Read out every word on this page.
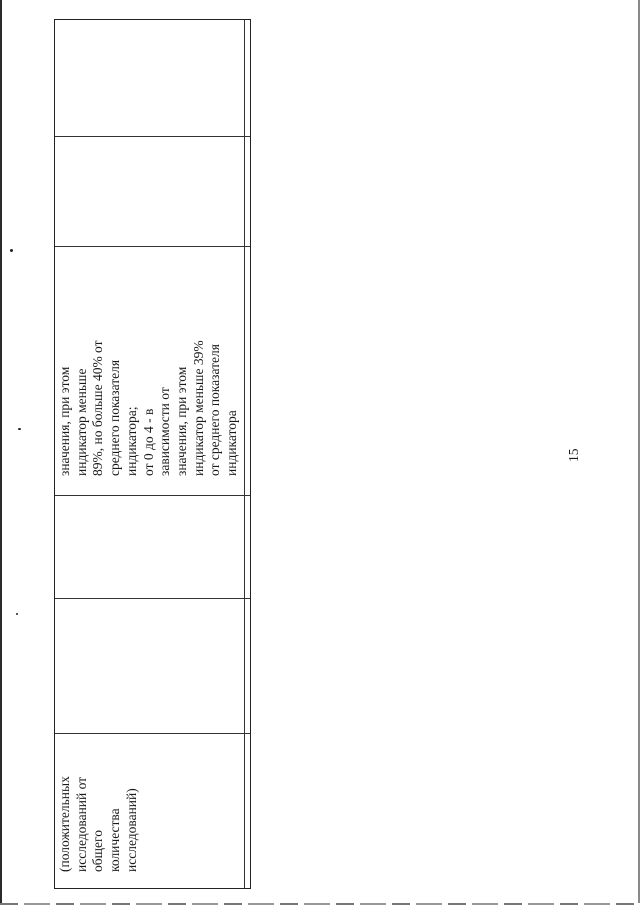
значения, при этом индикатор меньше 89%, но больше 40% от среднего показателя индикатора; от 0 до 4 - в зависимости от значения, при этом индикатор меньше 39% от среднего показателя индикатора
(положительных исследований от общего количества исследований)
15
